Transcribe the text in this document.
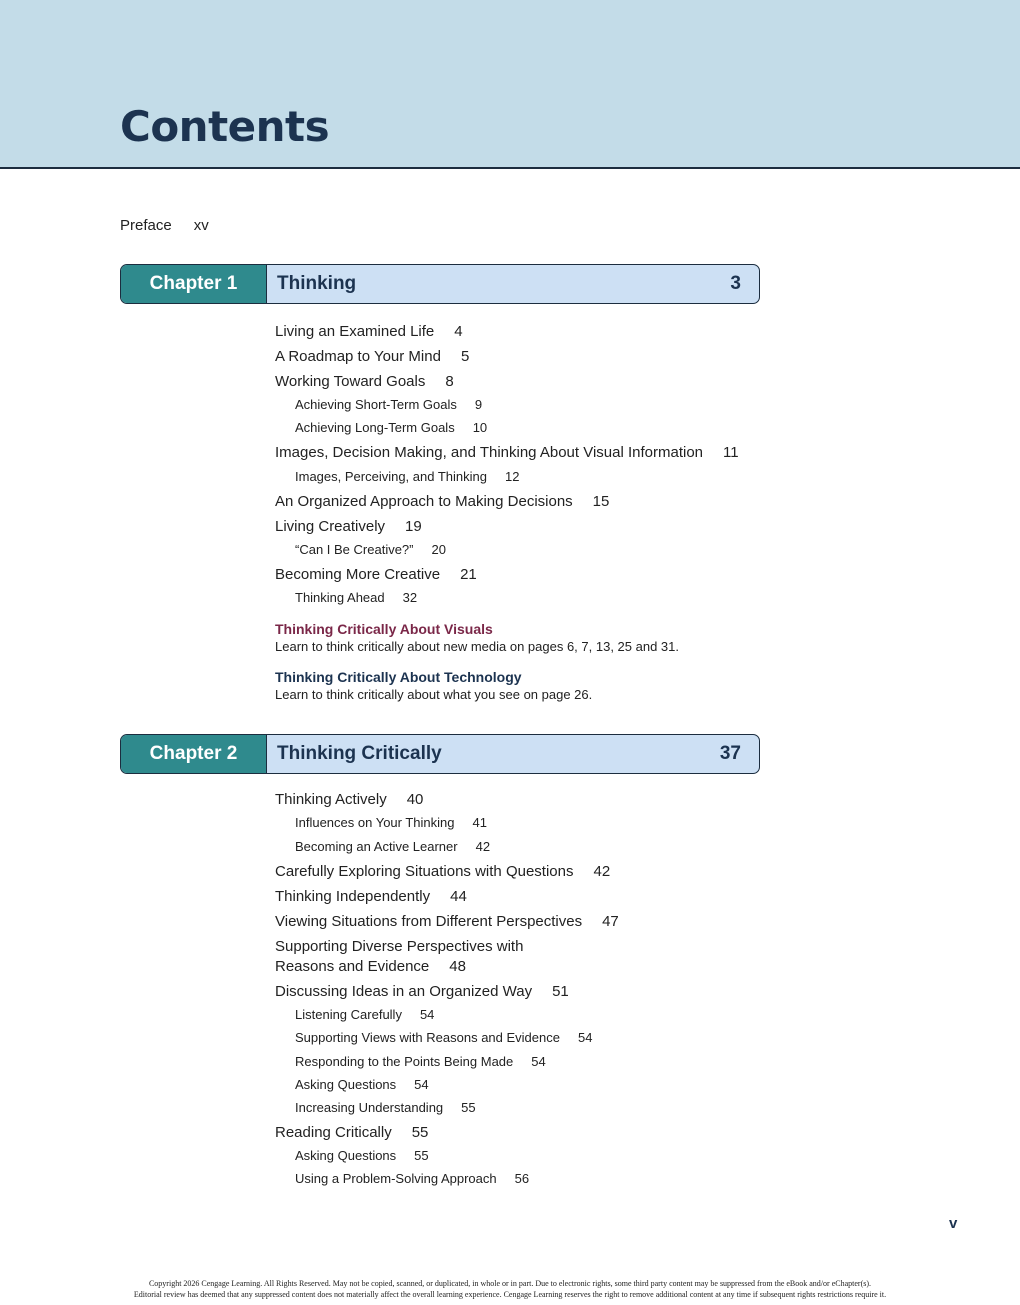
Contents
Preface xv
Chapter 1	Thinking	3
Living an Examined Life 4
A Roadmap to Your Mind 5
Working Toward Goals 8
Achieving Short-Term Goals 9
Achieving Long-Term Goals 10
Images, Decision Making, and Thinking About Visual Information 11
Images, Perceiving, and Thinking 12
An Organized Approach to Making Decisions 15
Living Creatively 19
“Can I Be Creative?” 20
Becoming More Creative 21
Thinking Ahead 32
Thinking Critically About Visuals
Learn to think critically about new media on pages 6, 7, 13, 25 and 31.
Thinking Critically About Technology
Learn to think critically about what you see on page 26.
Chapter 2	Thinking Critically	37
Thinking Actively 40
Influences on Your Thinking 41
Becoming an Active Learner 42
Carefully Exploring Situations with Questions 42
Thinking Independently 44
Viewing Situations from Different Perspectives 47
Supporting Diverse Perspectives with
Reasons and Evidence 48
Discussing Ideas in an Organized Way 51
Listening Carefully 54
Supporting Views with Reasons and Evidence 54
Responding to the Points Being Made 54
Asking Questions 54
Increasing Understanding 55
Reading Critically 55
Asking Questions 55
Using a Problem-Solving Approach 56
v
Copyright 2026 Cengage Learning. All Rights Reserved. May not be copied, scanned, or duplicated, in whole or in part. Due to electronic rights, some third party content may be suppressed from the eBook and/or eChapter(s).
Editorial review has deemed that any suppressed content does not materially affect the overall learning experience. Cengage Learning reserves the right to remove additional content at any time if subsequent rights restrictions require it.
